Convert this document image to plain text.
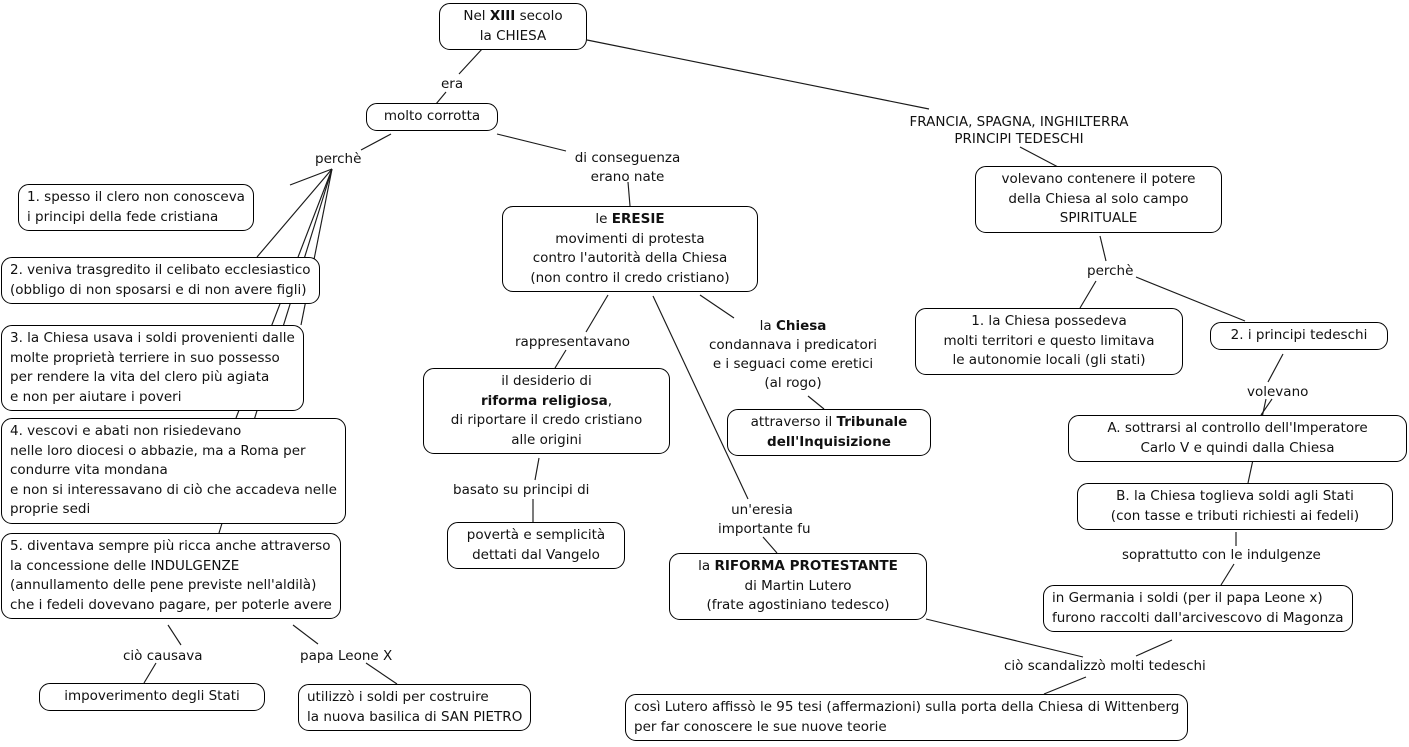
Nel XIII secolo
la CHIESA
era
molto corrotta
perchè	di conseguenza
erano nate
1. spesso il clero non conosceva
i principi della fede cristiana
2. veniva trasgredito il celibato ecclesiastico
(obbligo di non sposarsi e di non avere figli)
3. la Chiesa usava i soldi provenienti dalle
molte proprietà terriere in suo possesso
per rendere la vita del clero più agiata
e non per aiutare i poveri
4. vescovi e abati non risiedevano
nelle loro diocesi o abbazie, ma a Roma per
condurre vita mondana
e non si interessavano di ciò che accadeva nelle
proprie sedi
5. diventava sempre più ricca anche attraverso
la concessione delle INDULGENZE
(annullamento delle pene previste nell'aldilà)
che i fedeli dovevano pagare, per poterle avere
ciò causava
impoverimento degli Stati
papa Leone X
utilizzò i soldi per costruire
la nuova basilica di SAN PIETRO
le ERESIE
movimenti di protesta
contro l'autorità della Chiesa
(non contro il credo cristiano)
rappresentavano
il desiderio di
riforma religiosa,
di riportare il credo cristiano
alle origini
basato su principi di
povertà e semplicità
dettati dal Vangelo
la Chiesa
condannava i predicatori
e i seguaci come eretici
(al rogo)
attraverso il Tribunale
dell'Inquisizione
un'eresia
importante fu
la RIFORMA PROTESTANTE
di Martin Lutero
(frate agostiniano tedesco)
FRANCIA, SPAGNA, INGHILTERRA
PRINCIPI TEDESCHI
volevano contenere il potere
della Chiesa al solo campo
SPIRITUALE
perchè
1. la Chiesa possedeva
molti territori e questo limitava
le autonomie locali (gli stati)
2. i principi tedeschi
volevano
A. sottrarsi al controllo dell'Imperatore
Carlo V e quindi dalla Chiesa
B. la Chiesa toglieva soldi agli Stati
(con tasse e tributi richiesti ai fedeli)
soprattutto con le indulgenze
in Germania i soldi (per il papa Leone x)
furono raccolti dall'arcivescovo di Magonza
ciò scandalizzò molti tedeschi
così Lutero affissò le 95 tesi (affermazioni) sulla porta della Chiesa di Wittenberg
per far conoscere le sue nuove teorie
